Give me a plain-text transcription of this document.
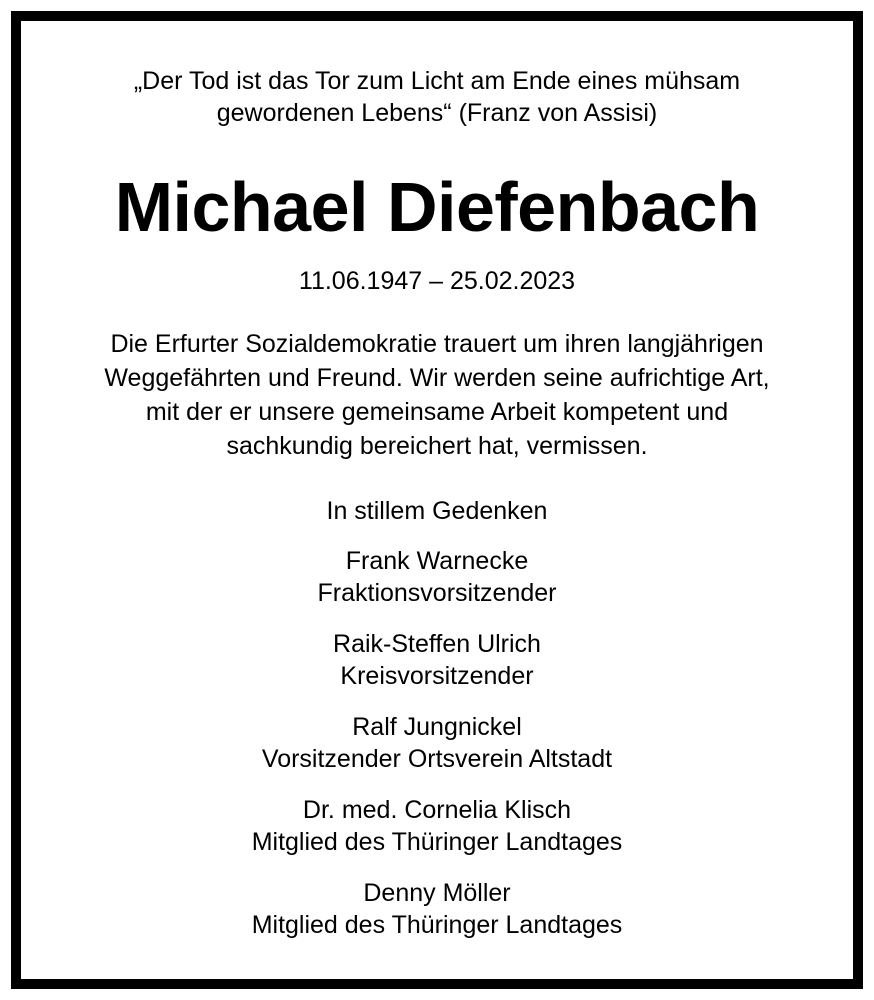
„Der Tod ist das Tor zum Licht am Ende eines mühsam
gewordenen Lebens“ (Franz von Assisi)
Michael Diefenbach
11.06.1947 – 25.02.2023
Die Erfurter Sozialdemokratie trauert um ihren langjährigen
Weggefährten und Freund. Wir werden seine aufrichtige Art,
mit der er unsere gemeinsame Arbeit kompetent und
sachkundig bereichert hat, vermissen.
In stillem Gedenken
Frank Warnecke
Fraktionsvorsitzender
Raik-Steffen Ulrich
Kreisvorsitzender
Ralf Jungnickel
Vorsitzender Ortsverein Altstadt
Dr. med. Cornelia Klisch
Mitglied des Thüringer Landtages
Denny Möller
Mitglied des Thüringer Landtages
